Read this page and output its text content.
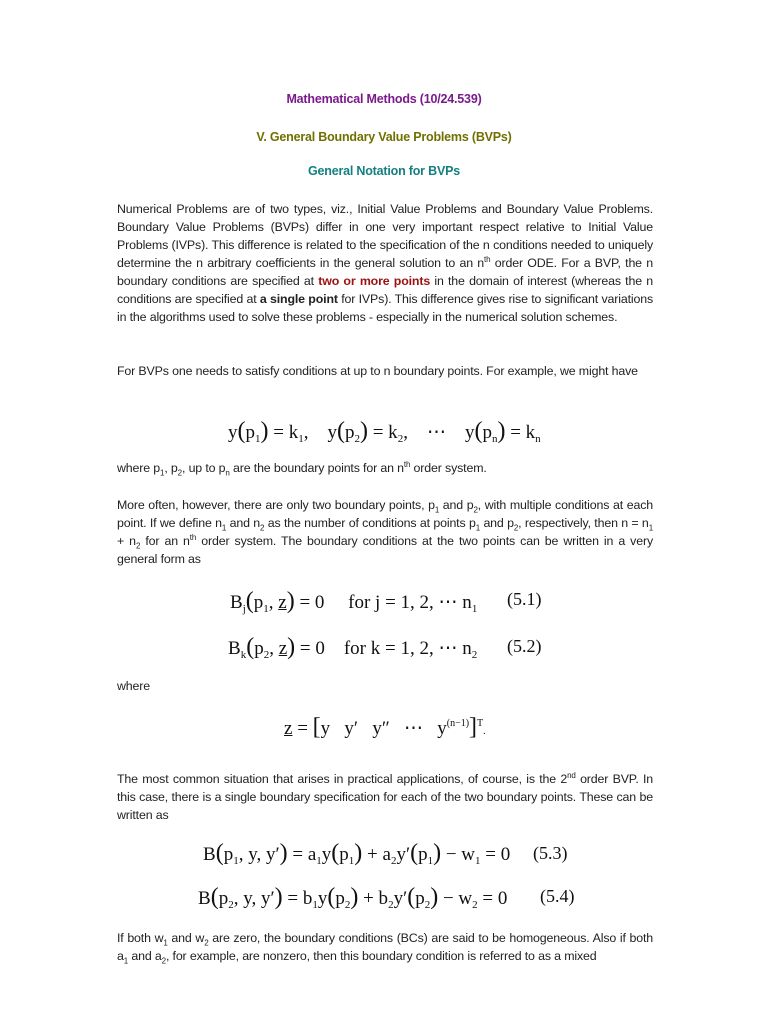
Mathematical Methods (10/24.539)
V. General Boundary Value Problems (BVPs)
General Notation for BVPs
Numerical Problems are of two types, viz., Initial Value Problems and Boundary Value Problems. Boundary Value Problems (BVPs) differ in one very important respect relative to Initial Value Problems (IVPs). This difference is related to the specification of the n conditions needed to uniquely determine the n arbitrary coefficients in the general solution to an $n^{th}$ order ODE. For a BVP, the n boundary conditions are specified at two or more points in the domain of interest (whereas the n conditions are specified at a single point for IVPs). This difference gives rise to significant variations in the algorithms used to solve these problems - especially in the numerical solution schemes.
For BVPs one needs to satisfy conditions at up to n boundary points. For example, we might have
$y(p_1) = k_1$,    $y(p_2) = k_2$,    ⋯    $y(p_n) = k_n$
where $p_1$, $p_2$, up to $p_n$ are the boundary points for an $n^{th}$ order system.
More often, however, there are only two boundary points, $p_1$ and $p_2$, with multiple conditions at each point. If we define $n_1$ and $n_2$ as the number of conditions at points $p_1$ and $p_2$, respectively, then $n = n_1 + n_2$ for an $n^{th}$ order system. The boundary conditions at the two points can be written in a very general form as
$B_j(p_1$, z) = 0     for j = 1, 2, ⋯ $n_1$ (5.1)
$B_k(p_2$, z) = 0    for k = 1, 2, ⋯ $n_2$ (5.2)
where
z = [y   y′   y″   ⋯   $y^{(n-1)}]^T$.
The most common situation that arises in practical applications, of course, is the 2nd order BVP. In this case, there is a single boundary specification for each of the two boundary points. These can be written as
$B(p_1$, y, $y') = a_1y(p_1) + a_2y'(p_1) - w_1 = 0$ (5.3)
$B(p_2$, y, $y') = b_1y(p_2) + b_2y'(p_2) - w_2 = 0$ (5.4)
If both $w_1$ and $w_2$ are zero, the boundary conditions (BCs) are said to be homogeneous. Also if both $a_1$ and $a_2$, for example, are nonzero, then this boundary condition is referred to as a mixed
